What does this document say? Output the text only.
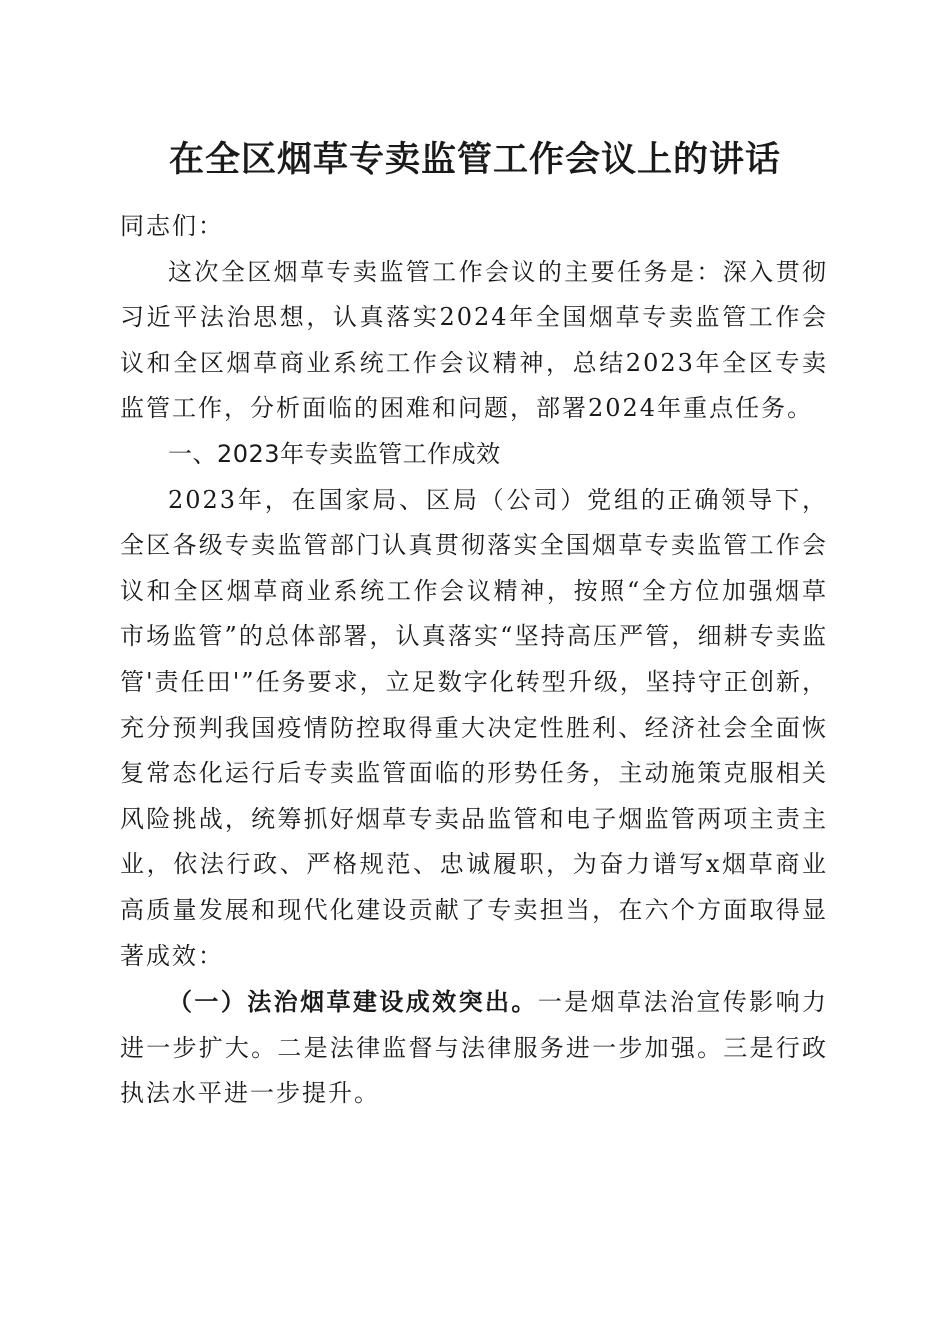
在全区烟草专卖监管工作会议上的讲话

同志们：

这次全区烟草专卖监管工作会议的主要任务是：深入贯彻习近平法治思想，认真落实2024年全国烟草专卖监管工作会议和全区烟草商业系统工作会议精神，总结2023年全区专卖监管工作，分析面临的困难和问题，部署2024年重点任务。

一、2023年专卖监管工作成效

2023年，在国家局、区局（公司）党组的正确领导下，全区各级专卖监管部门认真贯彻落实全国烟草专卖监管工作会议和全区烟草商业系统工作会议精神，按照“全方位加强烟草市场监管”的总体部署，认真落实“坚持高压严管，细耕专卖监管'责任田'”任务要求，立足数字化转型升级，坚持守正创新，充分预判我国疫情防控取得重大决定性胜利、经济社会全面恢复常态化运行后专卖监管面临的形势任务，主动施策克服相关风险挑战，统筹抓好烟草专卖品监管和电子烟监管两项主责主业，依法行政、严格规范、忠诚履职，为奋力谱写x烟草商业高质量发展和现代化建设贡献了专卖担当，在六个方面取得显著成效：

（一）法治烟草建设成效突出。一是烟草法治宣传影响力进一步扩大。二是法律监督与法律服务进一步加强。三是行政执法水平进一步提升。
